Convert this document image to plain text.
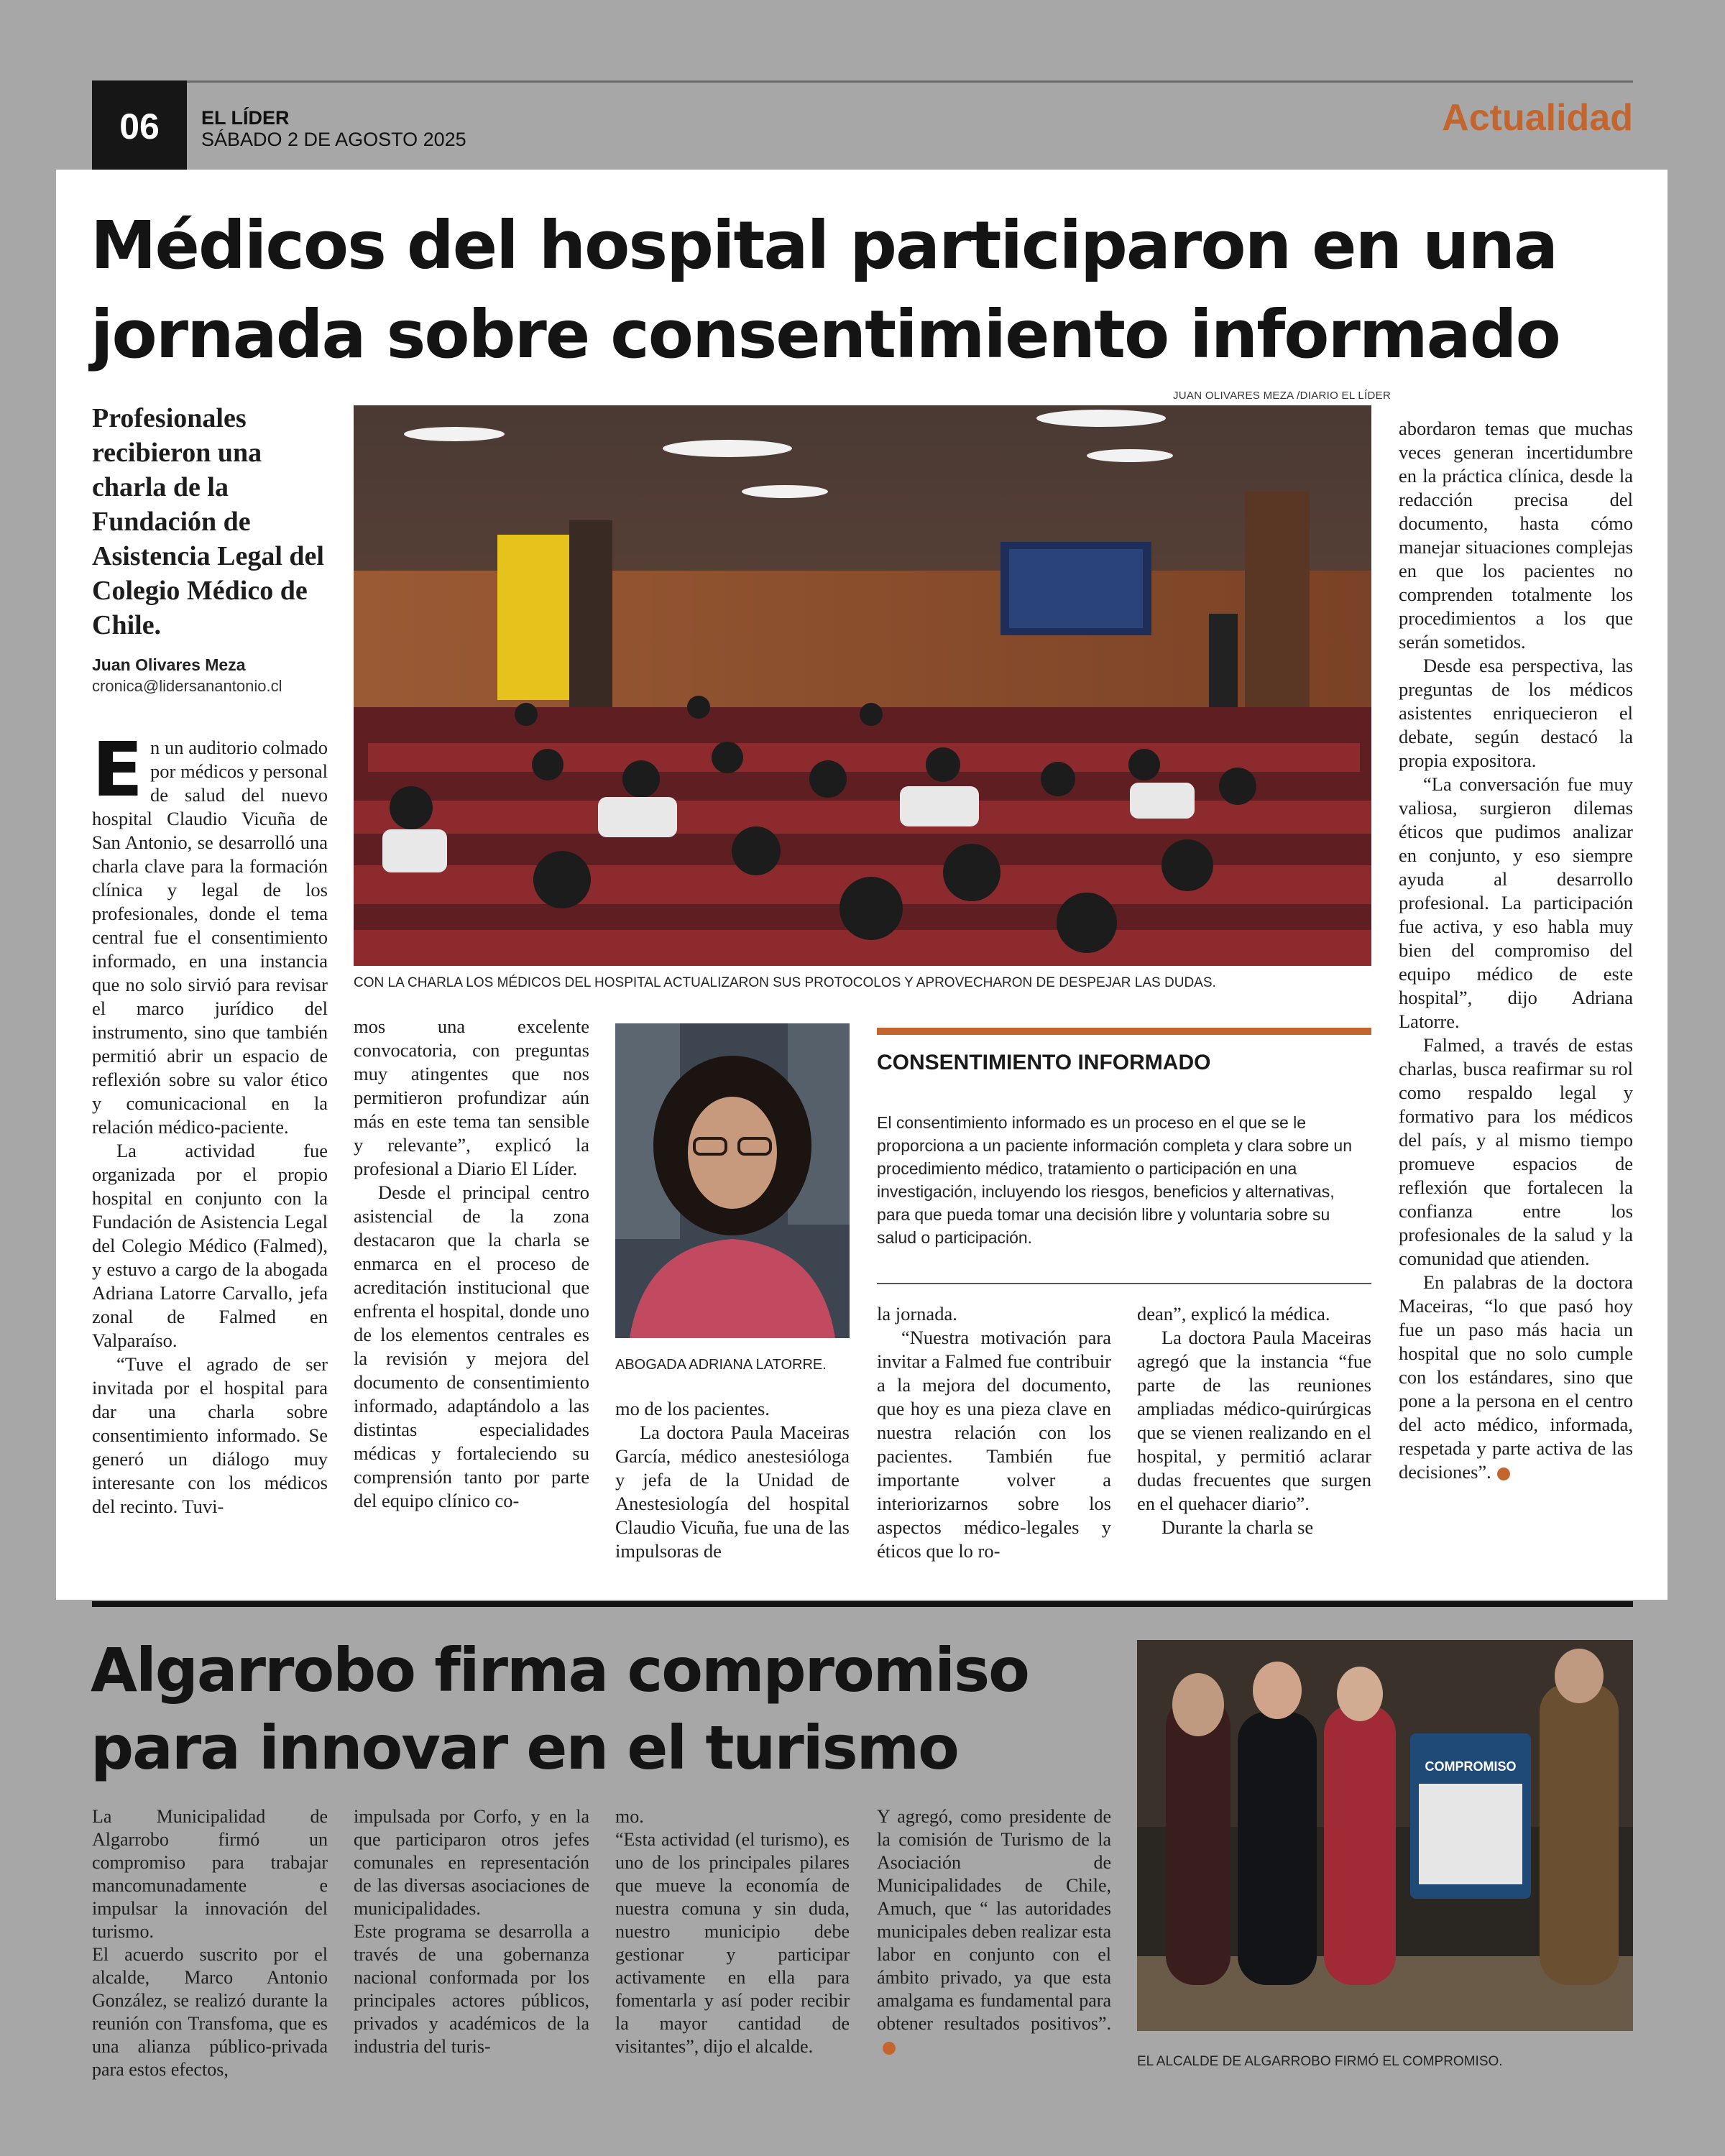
06	EL LÍDER
SÁBADO 2 DE AGOSTO 2025
Actualidad
Médicos del hospital participaron en una jornada sobre consentimiento informado

Profesionales recibieron una charla de la Fundación de Asistencia Legal del Colegio Médico de Chile.

Juan Olivares Meza
cronica@lidersanantonio.cl
JUAN OLIVARES MEZA /DIARIO EL LÍDER
CON LA CHARLA LOS MÉDICOS DEL HOSPITAL ACTUALIZARON SUS PROTOCOLOS Y APROVECHARON DE DESPEJAR LAS DUDAS.
ABOGADA ADRIANA LATORRE.

En un auditorio colmado por médicos y personal de salud del nuevo hospital Claudio Vicuña de San Antonio, se desarrolló una charla clave para la formación clínica y legal de los profesionales, donde el tema central fue el consentimiento informado, en una instancia que no solo sirvió para revisar el marco jurídico del instrumento, sino que también permitió abrir un espacio de reflexión sobre su valor ético y comunicacional en la relación médico-paciente.

La actividad fue organizada por el propio hospital en conjunto con la Fundación de Asistencia Legal del Colegio Médico (Falmed), y estuvo a cargo de la abogada Adriana Latorre Carvallo, jefa zonal de Falmed en Valparaíso.

“Tuve el agrado de ser invitada por el hospital para dar una charla sobre consentimiento informado. Se generó un diálogo muy interesante con los médicos del recinto. Tuvi-

mos una excelente convocatoria, con preguntas muy atingentes que nos permitieron profundizar aún más en este tema tan sensible y relevante”, explicó la profesional a Diario El Líder.

Desde el principal centro asistencial de la zona destacaron que la charla se enmarca en el proceso de acreditación institucional que enfrenta el hospital, donde uno de los elementos centrales es la revisión y mejora del documento de consentimiento informado, adaptándolo a las distintas especialidades médicas y fortaleciendo su comprensión tanto por parte del equipo clínico co-

mo de los pacientes.

La doctora Paula Maceiras García, médico anestesióloga y jefa de la Unidad de Anestesiología del hospital Claudio Vicuña, fue una de las impulsoras de

CONSENTIMIENTO INFORMADO

El consentimiento informado es un proceso en el que se le proporciona a un paciente información completa y clara sobre un procedimiento médico, tratamiento o participación en una investigación, incluyendo los riesgos, beneficios y alternativas, para que pueda tomar una decisión libre y voluntaria sobre su salud o participación.

la jornada.

“Nuestra motivación para invitar a Falmed fue contribuir a la mejora del documento, que hoy es una pieza clave en nuestra relación con los pacientes. También fue importante volver a interiorizarnos sobre los aspectos médico-legales y éticos que lo ro-

dean”, explicó la médica.

La doctora Paula Maceiras agregó que la instancia “fue parte de las reuniones ampliadas médico-quirúrgicas que se vienen realizando en el hospital, y permitió aclarar dudas frecuentes que surgen en el quehacer diario”.

Durante la charla se

abordaron temas que muchas veces generan incertidumbre en la práctica clínica, desde la redacción precisa del documento, hasta cómo manejar situaciones complejas en que los pacientes no comprenden totalmente los procedimientos a los que serán sometidos.

Desde esa perspectiva, las preguntas de los médicos asistentes enriquecieron el debate, según destacó la propia expositora.

“La conversación fue muy valiosa, surgieron dilemas éticos que pudimos analizar en conjunto, y eso siempre ayuda al desarrollo profesional. La participación fue activa, y eso habla muy bien del compromiso del equipo médico de este hospital”, dijo Adriana Latorre.

Falmed, a través de estas charlas, busca reafirmar su rol como respaldo legal y formativo para los médicos del país, y al mismo tiempo promueve espacios de reflexión que fortalecen la confianza entre los profesionales de la salud y la comunidad que atienden.

En palabras de la doctora Maceiras, “lo que pasó hoy fue un paso más hacia un hospital que no solo cumple con los estándares, sino que pone a la persona en el centro del acto médico, informada, respetada y parte activa de las decisiones”.

Algarrobo firma compromiso para innovar en el turismo

La Municipalidad de Algarrobo firmó un compromiso para trabajar mancomunadamente e impulsar la innovación del turismo.

El acuerdo suscrito por el alcalde, Marco Antonio González, se realizó durante la reunión con Transfoma, que es una alianza público-privada para estos efectos,

impulsada por Corfo, y en la que participaron otros jefes comunales en representación de las diversas asociaciones de municipalidades.

Este programa se desarrolla a través de una gobernanza nacional conformada por los principales actores públicos, privados y académicos de la industria del turis-

mo.

“Esta actividad (el turismo), es uno de los principales pilares que mueve la economía de nuestra comuna y sin duda, nuestro municipio debe gestionar y participar activamente en ella para fomentarla y así poder recibir la mayor cantidad de visitantes”, dijo el alcalde.

Y agregó, como presidente de la comisión de Turismo de la Asociación de Municipalidades de Chile, Amuch, que “ las autoridades municipales deben realizar esta labor en conjunto con el ámbito privado, ya que esta amalgama es fundamental para obtener resultados positivos”.

COMPROMISO
EL ALCALDE DE ALGARROBO FIRMÓ EL COMPROMISO.
